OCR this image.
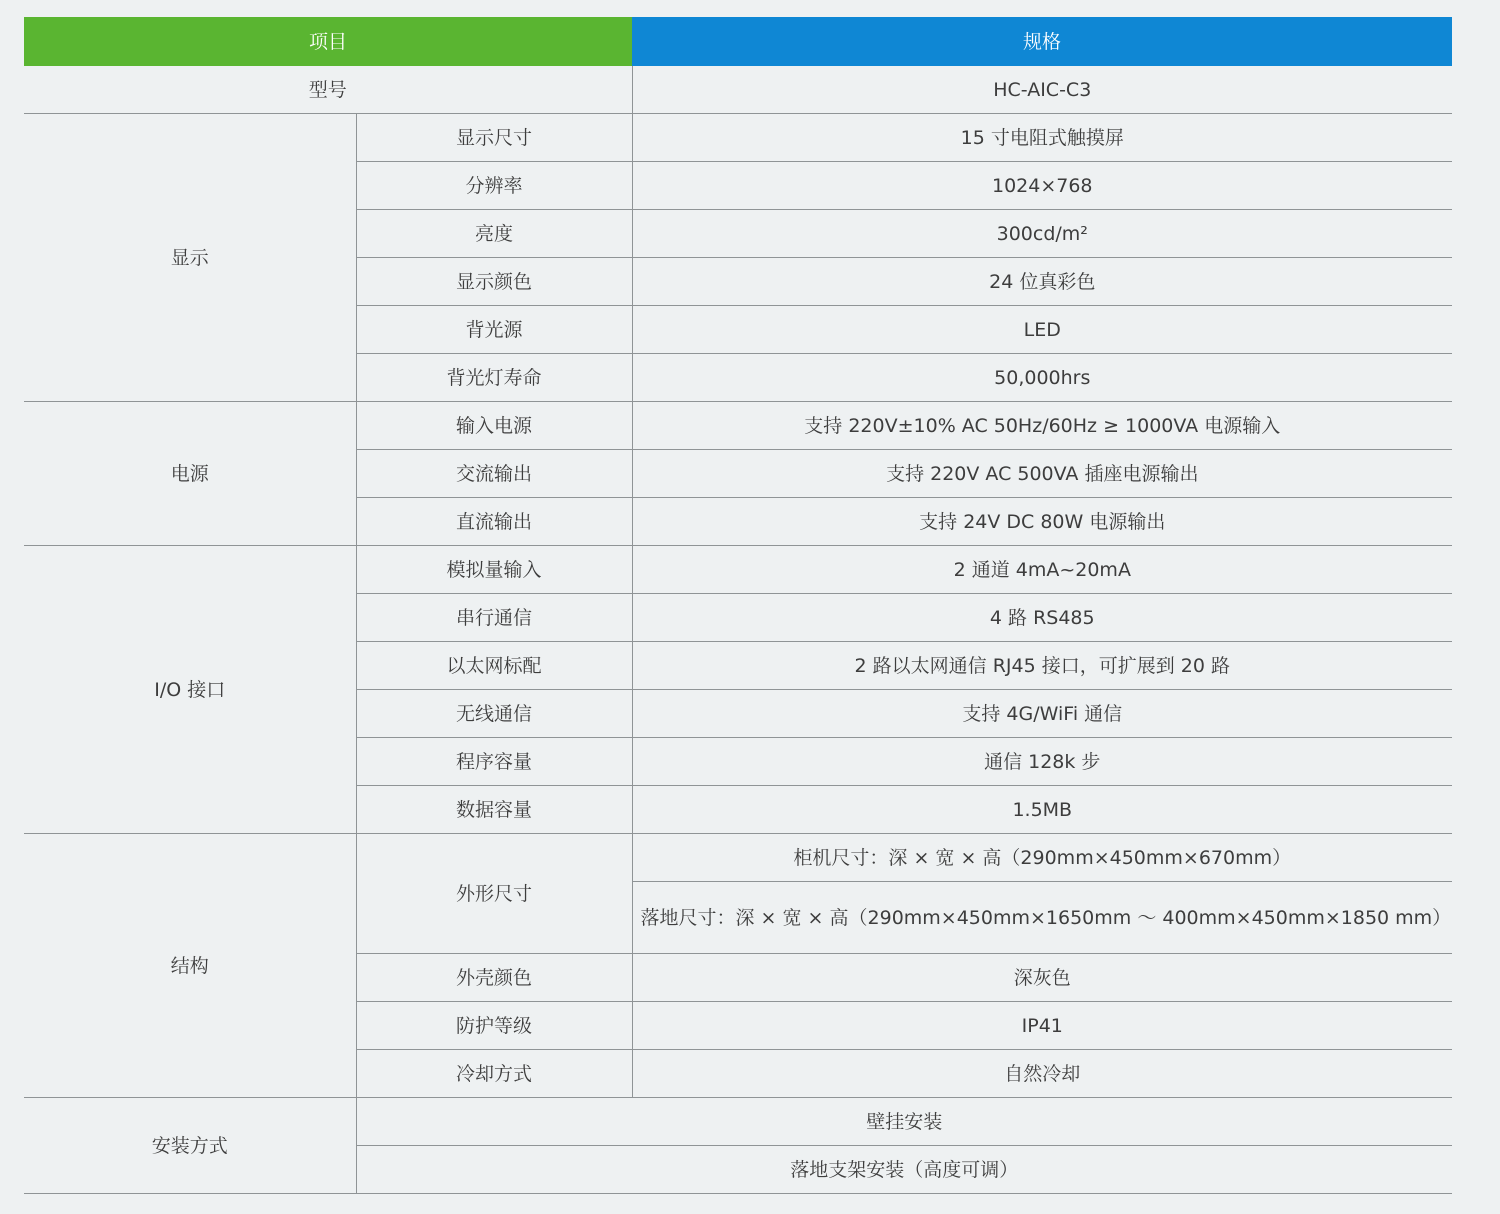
项目		规格
型号		HC-AIC-C3
显示	显示尺寸	15 寸电阻式触摸屏
	分辨率	1024×768
	亮度	300cd/m²
	显示颜色	24 位真彩色
	背光源	LED
	背光灯寿命	50,000hrs
电源	输入电源	支持 220V±10% AC 50Hz/60Hz ≥ 1000VA 电源输入
	交流输出	支持 220V AC 500VA 插座电源输出
	直流输出	支持 24V DC 80W 电源输出
I/O 接口	模拟量输入	2 通道 4mA~20mA
	串行通信	4 路 RS485
	以太网标配	2 路以太网通信 RJ45 接口，可扩展到 20 路
	无线通信	支持 4G/WiFi 通信
	程序容量	通信 128k 步
	数据容量	1.5MB
结构	外形尺寸	柜机尺寸：深 × 宽 × 高（290mm×450mm×670mm）
		落地尺寸：深 × 宽 × 高（290mm×450mm×1650mm ～ 400mm×450mm×1850 mm）
	外壳颜色	深灰色
	防护等级	IP41
	冷却方式	自然冷却
安装方式	壁挂安装	
	落地支架安装（高度可调）	
